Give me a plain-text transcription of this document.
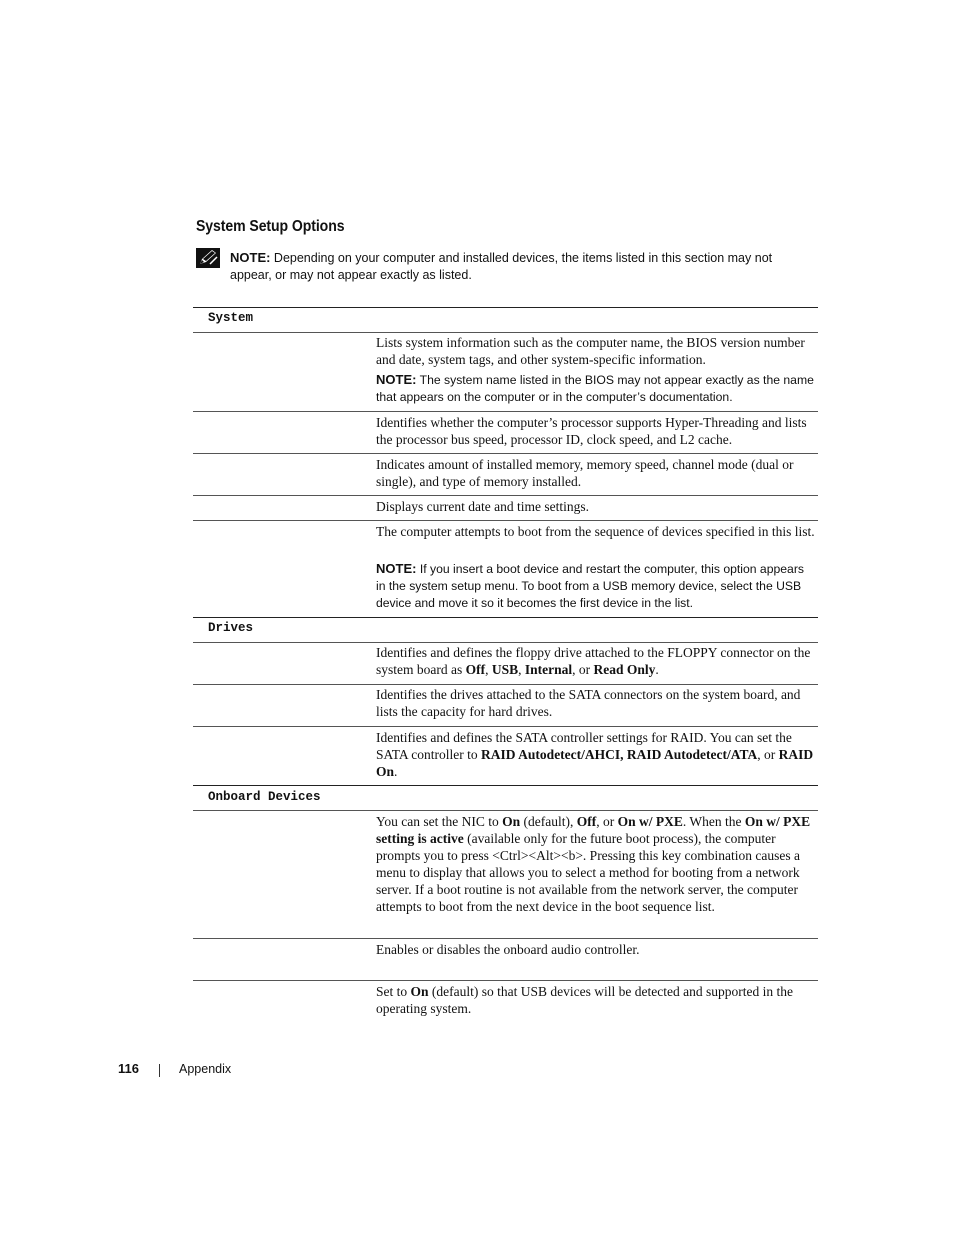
System Setup Options
NOTE: Depending on your computer and installed devices, the items listed in this section may not appear, or may not appear exactly as listed.
System
Lists system information such as the computer name, the BIOS version number and date, system tags, and other system-specific information.
NOTE: The system name listed in the BIOS may not appear exactly as the name that appears on the computer or in the computer’s documentation.
Identifies whether the computer’s processor supports Hyper-Threading and lists the processor bus speed, processor ID, clock speed, and L2 cache.
Indicates amount of installed memory, memory speed, channel mode (dual or single), and type of memory installed.
Displays current date and time settings.
The computer attempts to boot from the sequence of devices specified in this list.
NOTE: If you insert a boot device and restart the computer, this option appears in the system setup menu. To boot from a USB memory device, select the USB device and move it so it becomes the first device in the list.
Drives
Identifies and defines the floppy drive attached to the FLOPPY connector on the system board as Off, USB, Internal, or Read Only.
Identifies the drives attached to the SATA connectors on the system board, and lists the capacity for hard drives.
Identifies and defines the SATA controller settings for RAID. You can set the SATA controller to RAID Autodetect/AHCI, RAID Autodetect/ATA, or RAID On.
Onboard Devices
You can set the NIC to On (default), Off, or On w/ PXE. When the On w/ PXE setting is active (available only for the future boot process), the computer prompts you to press <Ctrl><Alt><b>. Pressing this key combination causes a menu to display that allows you to select a method for booting from a network server. If a boot routine is not available from the network server, the computer attempts to boot from the next device in the boot sequence list.
Enables or disables the onboard audio controller.
Set to On (default) so that USB devices will be detected and supported in the operating system.
116	Appendix
